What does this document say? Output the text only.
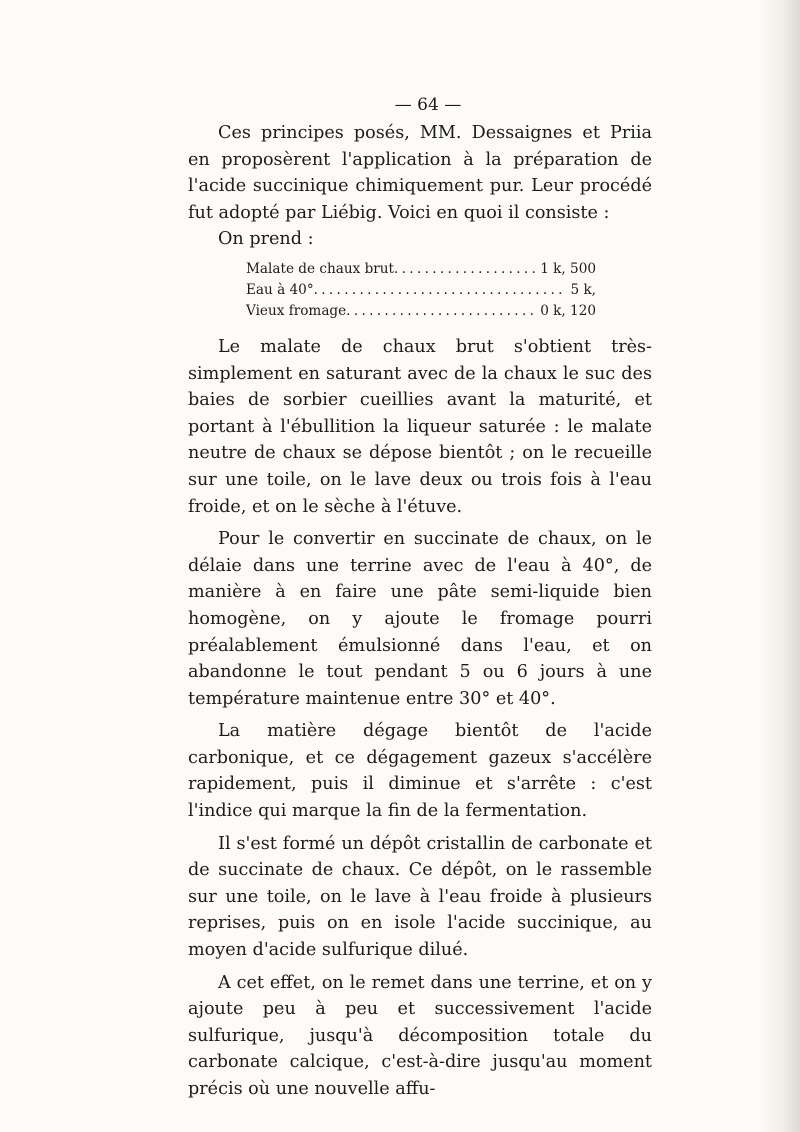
— 64 —

Ces principes posés, MM. Dessaignes et Priia en proposèrent l'application à la préparation de l'acide succinique chimiquement pur. Leur procédé fut adopté par Liébig. Voici en quoi il consiste :

On prend :

Malate de chaux brut . . .	1 k, 500
Eau à 40° . . .	5 k,
Vieux fromage . . .	0 k, 120

Le malate de chaux brut s'obtient très-simplement en saturant avec de la chaux le suc des baies de sorbier cueillies avant la maturité, et portant à l'ébullition la liqueur saturée : le malate neutre de chaux se dépose bientôt ; on le recueille sur une toile, on le lave deux ou trois fois à l'eau froide, et on le sèche à l'étuve.

Pour le convertir en succinate de chaux, on le délaie dans une terrine avec de l'eau à 40°, de manière à en faire une pâte semi-liquide bien homogène, on y ajoute le fromage pourri préalablement émulsionné dans l'eau, et on abandonne le tout pendant 5 ou 6 jours à une température maintenue entre 30° et 40°.

La matière dégage bientôt de l'acide carbonique, et ce dégagement gazeux s'accélère rapidement, puis il diminue et s'arrête : c'est l'indice qui marque la fin de la fermentation.

Il s'est formé un dépôt cristallin de carbonate et de succinate de chaux. Ce dépôt, on le rassemble sur une toile, on le lave à l'eau froide à plusieurs reprises, puis on en isole l'acide succinique, au moyen d'acide sulfurique dilué.

A cet effet, on le remet dans une terrine, et on y ajoute peu à peu et successivement l'acide sulfurique, jusqu'à décomposition totale du carbonate calcique, c'est-à-dire jusqu'au moment précis où une nouvelle affu-
